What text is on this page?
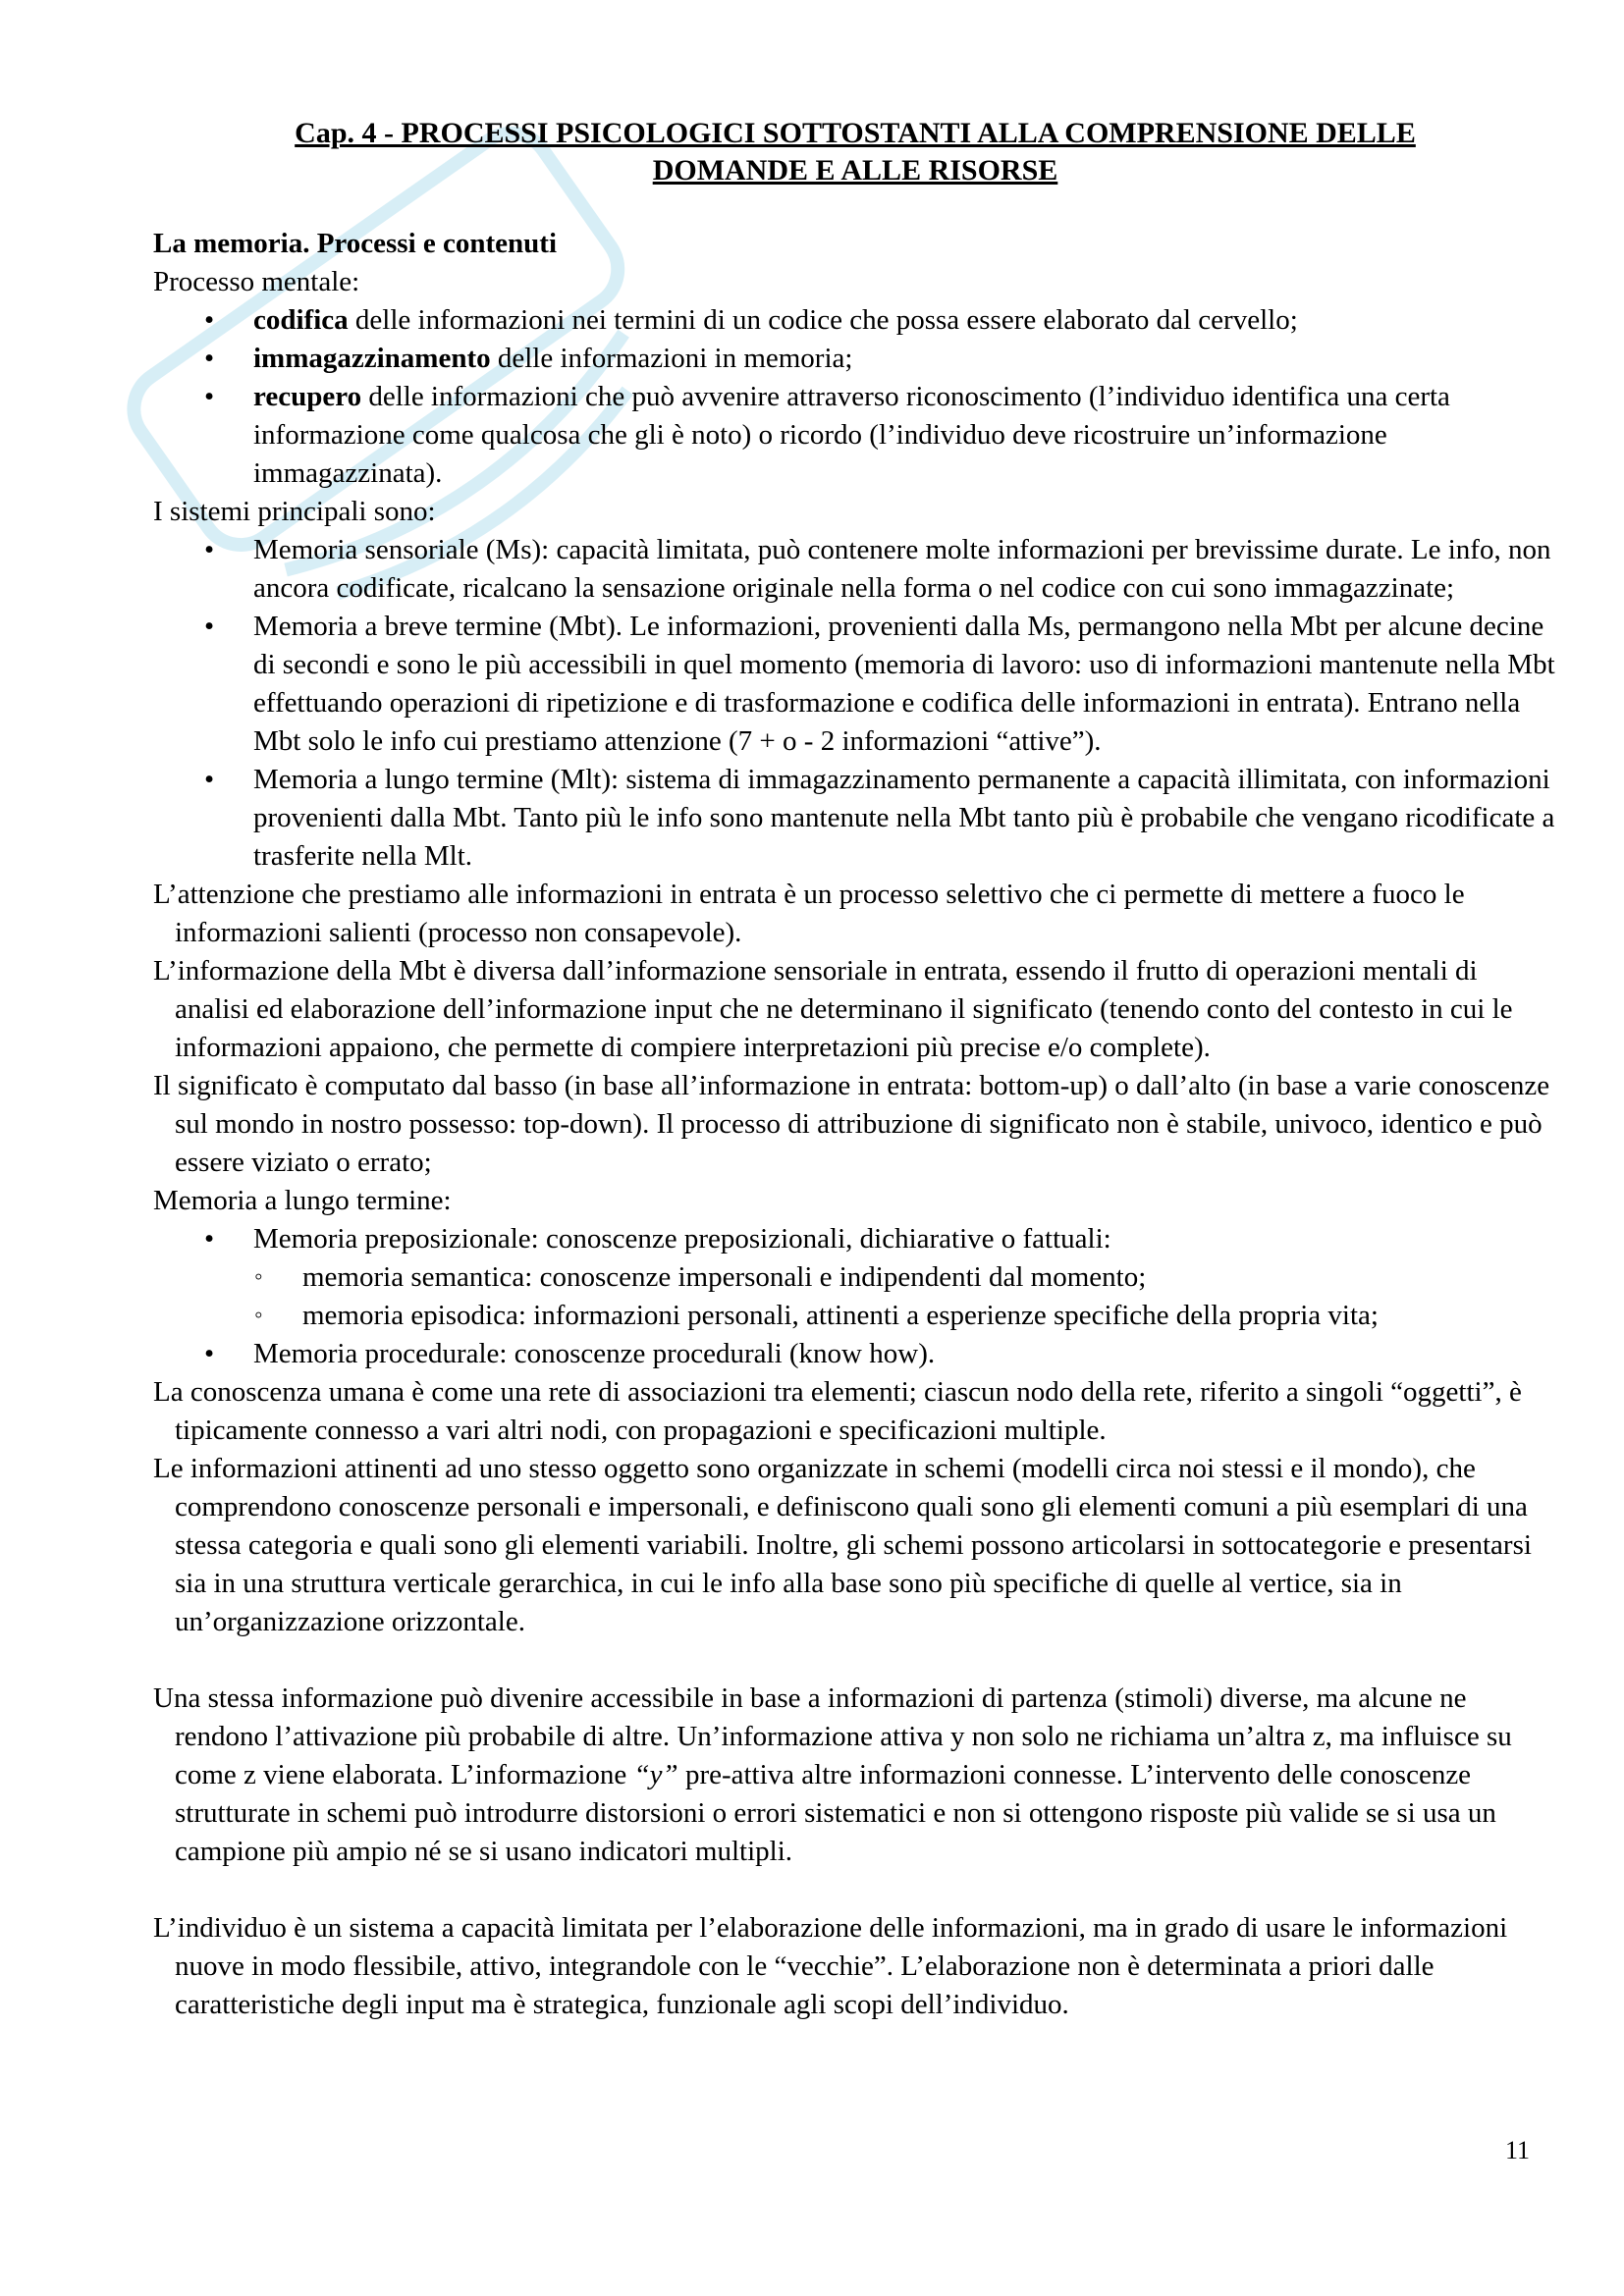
Cap. 4 - PROCESSI PSICOLOGICI SOTTOSTANTI ALLA COMPRENSIONE DELLE
DOMANDE E ALLE RISORSE
La memoria. Processi e contenuti
Processo mentale:
• codifica delle informazioni nei termini di un codice che possa essere elaborato dal cervello;
• immagazzinamento delle informazioni in memoria;
• recupero delle informazioni che può avvenire attraverso riconoscimento (l’individuo identifica una certa informazione come qualcosa che gli è noto) o ricordo (l’individuo deve ricostruire un’informazione immagazzinata).
I sistemi principali sono:
• Memoria sensoriale (Ms): capacità limitata, può contenere molte informazioni per brevissime durate. Le info, non ancora codificate, ricalcano la sensazione originale nella forma o nel codice con cui sono immagazzinate;
• Memoria a breve termine (Mbt). Le informazioni, provenienti dalla Ms, permangono nella Mbt per alcune decine di secondi e sono le più accessibili in quel momento (memoria di lavoro: uso di informazioni mantenute nella Mbt effettuando operazioni di ripetizione e di trasformazione e codifica delle informazioni in entrata). Entrano nella Mbt solo le info cui prestiamo attenzione (7 + o - 2 informazioni “attive”).
• Memoria a lungo termine (Mlt): sistema di immagazzinamento permanente a capacità illimitata, con informazioni provenienti dalla Mbt. Tanto più le info sono mantenute nella Mbt tanto più è probabile che vengano ricodificate a trasferite nella Mlt.
L’attenzione che prestiamo alle informazioni in entrata è un processo selettivo che ci permette di mettere a fuoco le informazioni salienti (processo non consapevole).
L’informazione della Mbt è diversa dall’informazione sensoriale in entrata, essendo il frutto di operazioni mentali di analisi ed elaborazione dell’informazione input che ne determinano il significato (tenendo conto del contesto in cui le informazioni appaiono, che permette di compiere interpretazioni più precise e/o complete).
Il significato è computato dal basso (in base all’informazione in entrata: bottom-up) o dall’alto (in base a varie conoscenze sul mondo in nostro possesso: top-down). Il processo di attribuzione di significato non è stabile, univoco, identico e può essere viziato o errato;
Memoria a lungo termine:
• Memoria preposizionale: conoscenze preposizionali, dichiarative o fattuali:
◦ memoria semantica: conoscenze impersonali e indipendenti dal momento;
◦ memoria episodica: informazioni personali, attinenti a esperienze specifiche della propria vita;
• Memoria procedurale: conoscenze procedurali (know how).
La conoscenza umana è come una rete di associazioni tra elementi; ciascun nodo della rete, riferito a singoli “oggetti”, è tipicamente connesso a vari altri nodi, con propagazioni e specificazioni multiple.
Le informazioni attinenti ad uno stesso oggetto sono organizzate in schemi (modelli circa noi stessi e il mondo), che comprendono conoscenze personali e impersonali, e definiscono quali sono gli elementi comuni a più esemplari di una stessa categoria e quali sono gli elementi variabili. Inoltre, gli schemi possono articolarsi in sottocategorie e presentarsi sia in una struttura verticale gerarchica, in cui le info alla base sono più specifiche di quelle al vertice, sia in un’organizzazione orizzontale.
Una stessa informazione può divenire accessibile in base a informazioni di partenza (stimoli) diverse, ma alcune ne rendono l’attivazione più probabile di altre. Un’informazione attiva y non solo ne richiama un’altra z, ma influisce su come z viene elaborata. L’informazione “y” pre-attiva altre informazioni connesse. L’intervento delle conoscenze strutturate in schemi può introdurre distorsioni o errori sistematici e non si ottengono risposte più valide se si usa un campione più ampio né se si usano indicatori multipli.
L’individuo è un sistema a capacità limitata per l’elaborazione delle informazioni, ma in grado di usare le informazioni nuove in modo flessibile, attivo, integrandole con le “vecchie”. L’elaborazione non è determinata a priori dalle caratteristiche degli input ma è strategica, funzionale agli scopi dell’individuo.
11
